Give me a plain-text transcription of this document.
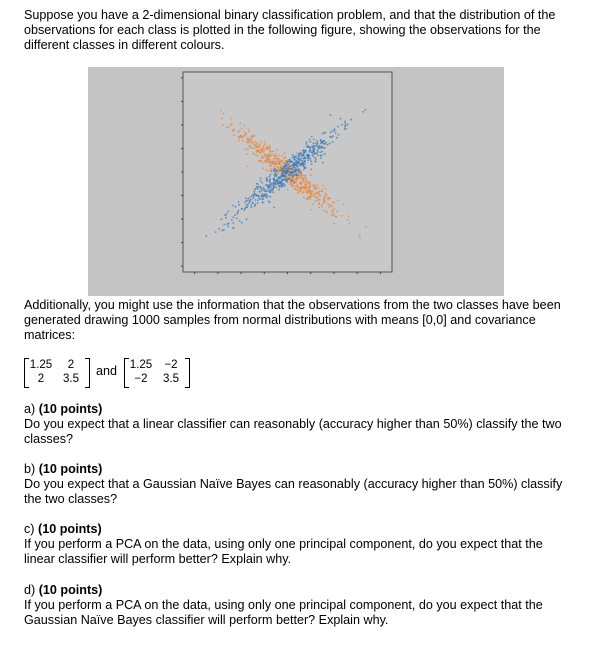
Suppose you have a 2-dimensional binary classification problem, and that the distribution of the observations for each class is plotted in the following figure, showing the observations for the different classes in different colours.

Additionally, you might use the information that the observations from the two classes have been generated drawing 1000 samples from normal distributions with means [0,0] and covariance matrices:

1.25	2
2	3.5
and	1.25	−2
−2	3.5
a) (10 points)
Do you expect that a linear classifier can reasonably (accuracy higher than 50%) classify the two classes?
b) (10 points)
Do you expect that a Gaussian Naïve Bayes can reasonably (accuracy higher than 50%) classify the two classes?
c) (10 points)
If you perform a PCA on the data, using only one principal component, do you expect that the linear classifier will perform better? Explain why.
d) (10 points)
If you perform a PCA on the data, using only one principal component, do you expect that the Gaussian Naïve Bayes classifier will perform better? Explain why.
